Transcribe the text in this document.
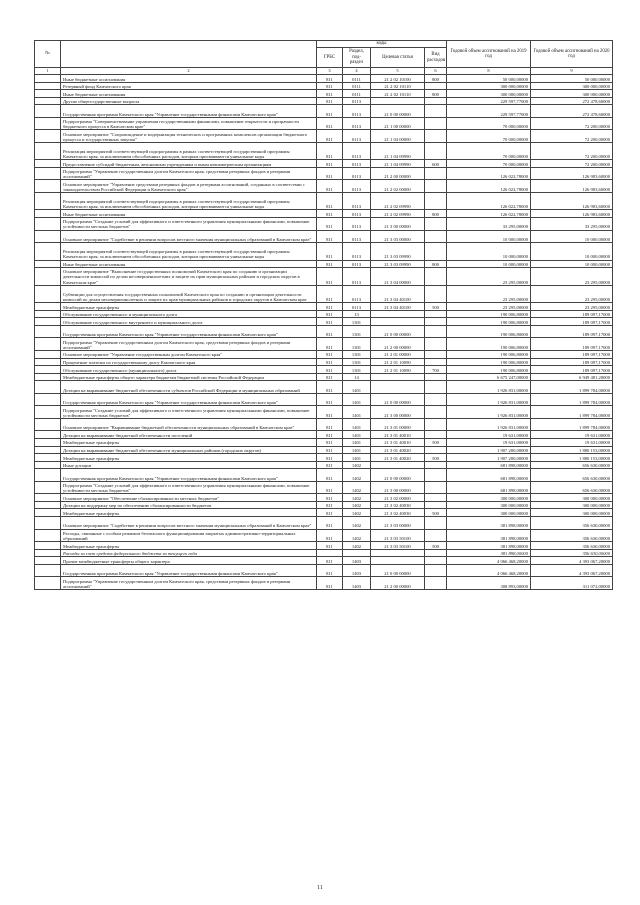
№		коды				Годовой объем ассигнований на 2019 год	Годовой объем ассигнований на 2020 год
		ГРБС	Раздел, под- раздел	Целевая статья	Вид расходов		
1	2	3	4	5	6	8	9
	Иные бюджетные ассигнования	811	0111	21 2 02 10100	800	50 000,00000	50 000,00000
	Резервный фонд Камчатского края	811	0111	21 2 02 10110		300 000,00000	300 000,00000
	Иные бюджетные ассигнования	811	0111	21 2 02 10110	800	300 000,00000	300 000,00000
	Другие общегосударственные вопросы	811	0113			229 597,77000	272 478,60000
	Государственная программа Камчатского края "Управление государственными финансами Камчатского края"	811	0113	21 0 00 00000		229 597,77000	272 478,60000
	Подпрограмма "Совершенствование управления государственными финансами, повышение открытости и прозрачности бюджетного процесса в Камчатском крае"	811	0113	21 1 00 00000		70 000,00000	72 200,00000
	Основное мероприятие "Сопровождение и модернизация технических и программных комплексов организации бюджетного процесса и государственных закупок"	811	0113	21 1 04 00000		70 000,00000	72 200,00000
	Реализация мероприятий соответствующей подпрограммы в рамках соответствующей государственной программы Камчатского края, за исключением обособленных расходов, которым присваиваются уникальные коды	811	0113	21 1 04 09990		70 000,00000	72 200,00000
	Предоставление субсидий бюджетным, автономным учреждениям и иным некоммерческим организациям	811	0113	21 1 04 09990	600	70 000,00000	72 200,00000
	Подпрограмма "Управление государственным долгом Камчатского края, средствами резервных фондов и резервами ассигнований"	811	0113	21 2 00 00000		126 022,78000	126 983,60000
	Основное мероприятие "Управление средствами резервных фондов и резервами ассигнований, созданных в соответствии с законодательством Российской Федерации и Камчатского края"	811	0113	21 2 02 00000		126 022,78000	126 983,60000
	Реализация мероприятий соответствующей подпрограммы в рамках соответствующей государственной программы Камчатского края, за исключением обособленных расходов, которым присваиваются уникальные коды	811	0113	21 2 02 09990		126 022,78000	126 983,60000
	Иные бюджетные ассигнования	811	0113	21 2 02 09990	800	126 022,78000	126 983,60000
	Подпрограмма "Создание условий для эффективного и ответственного управления муниципальными финансами, повышение устойчивости местных бюджетов"	811	0113	21 3 00 00000		33 295,00000	33 295,00000
	Основное мероприятие "Содействие в решении вопросов местного значения муниципальных образований в Камчатском крае"	811	0113	21 3 03 00000		10 000,00000	10 000,00000
	Реализация мероприятий соответствующей подпрограммы в рамках соответствующей государственной программы Камчатского края, за исключением обособленных расходов, которым присваиваются уникальные коды	811	0113	21 3 03 09990		10 000,00000	10 000,00000
	Иные бюджетные ассигнования	811	0113	21 3 03 09990	800	10 000,00000	10 000,00000
	Основное мероприятие "Выполнение государственных полномочий Камчатского края по созданию и организации деятельности комиссий по делам несовершеннолетних и защите их прав муниципальных районов и городских округов в Камчатском крае"	811	0113	21 3 04 00000		23 295,00000	23 295,00000
	Субвенции для осуществления государственных полномочий Камчатского края по созданию и организации деятельности комиссий по делам несовершеннолетних и защите их прав муниципальных районов и городских округов в Камчатском крае	811	0113	21 3 04 40100		23 295,00000	23 295,00000
	Межбюджетные трансферты	811	0113	21 3 04 40100	500	23 295,00000	23 295,00000
	Обслуживание государственного и муниципального долга	811	13			190 006,80000	189 097,17000
	Обслуживание государственного внутреннего и муниципального долга	811	1301			190 006,80000	189 097,17000
	Государственная программа Камчатского края "Управление государственными финансами Камчатского края"	811	1301	21 0 00 00000		190 006,80000	189 097,17000
	Подпрограмма "Управление государственным долгом Камчатского края, средствами резервных фондов и резервами ассигнований"	811	1301	21 2 00 00000		190 006,80000	189 097,17000
	Основное мероприятие "Управление государственным долгом Камчатского края"	811	1301	21 2 01 00000		190 006,80000	189 097,17000
	Процентные платежи по государственному долгу Камчатского края	811	1301	21 2 01 10090		190 006,80000	189 097,17000
	Обслуживание государственного (муниципального) долга	811	1301	21 2 01 10090	700	190 006,80000	189 097,17000
	Межбюджетные трансферты общего характера бюджетам бюджетной системы Российской Федерации	811	14			6 675 247,00000	6 949 481,20000
	Дотации на выравнивание бюджетной обеспеченности субъектов Российской Федерации и муниципальных образований	811	1401			1 926 831,00000	1 899 784,00000
	Государственная программа Камчатского края "Управление государственными финансами Камчатского края"	811	1401	21 0 00 00000		1 926 831,00000	1 899 784,00000
	Подпрограмма "Создание условий для эффективного и ответственного управления муниципальными финансами, повышение устойчивости местных бюджетов"	811	1401	21 3 00 00000		1 926 831,00000	1 899 784,00000
	Основное мероприятие "Выравнивание бюджетной обеспеченности муниципальных образований в Камчатском крае"	811	1401	21 3 01 00000		1 926 831,00000	1 899 784,00000
	Дотации на выравнивание бюджетной обеспеченности поселений	811	1401	21 3 01 40010		19 631,00000	19 631,00000
	Межбюджетные трансферты	811	1401	21 3 01 40010	500	19 631,00000	19 631,00000
	Дотации на выравнивание бюджетной обеспеченности муниципальных районов (городских округов)	811	1401	21 3 01 40020		1 907 200,00000	1 880 153,00000
	Межбюджетные трансферты	811	1401	21 3 01 40020	500	1 907 200,00000	1 880 153,00000
	Иные дотации	811	1402			681 898,00000	656 630,00000
	Государственная программа Камчатского края "Управление государственными финансами Камчатского края"	811	1402	21 0 00 00000		681 898,00000	656 630,00000
	Подпрограмма "Создание условий для эффективного и ответственного управления муниципальными финансами, повышение устойчивости местных бюджетов"	811	1402	21 3 00 00000		681 898,00000	656 630,00000
	Основное мероприятие "Обеспечение сбалансированности местных бюджетов"	811	1402	21 3 02 00000		300 000,00000	300 000,00000
	Дотации на поддержку мер по обеспечению сбалансированности бюджетов	811	1402	21 3 02 40030		300 000,00000	300 000,00000
	Межбюджетные трансферты	811	1402	21 3 02 40030	500	300 000,00000	300 000,00000
	Основное мероприятие "Содействие в решении вопросов местного значения муниципальных образований в Камчатском крае"	811	1402	21 3 03 00000		381 898,00000	356 630,00000
	Расходы, связанные с особым режимом безопасного функционирования закрытых административно-территориальных образований	811	1402	21 3 03 50100		381 898,00000	356 630,00000
	Межбюджетные трансферты	811	1402	21 3 03 50100	500	381 898,00000	356 630,00000
	Расходы за счет средств федерального бюджета из текущего года					381 898,00000	356 630,00000
	Прочие межбюджетные трансферты общего характера	811	1403			4 066 468,20000	4 393 067,20000
	Государственная программа Камчатского края "Управление государственными финансами Камчатского края"	811	1403	21 0 00 00000		4 066 468,20000	4 393 067,20000
	Подпрограмма "Управление государственным долгом Камчатского края, средствами резервных фондов и резервами ассигнований"	811	1403	21 2 00 00000		308 893,00000	311 072,00000
11
